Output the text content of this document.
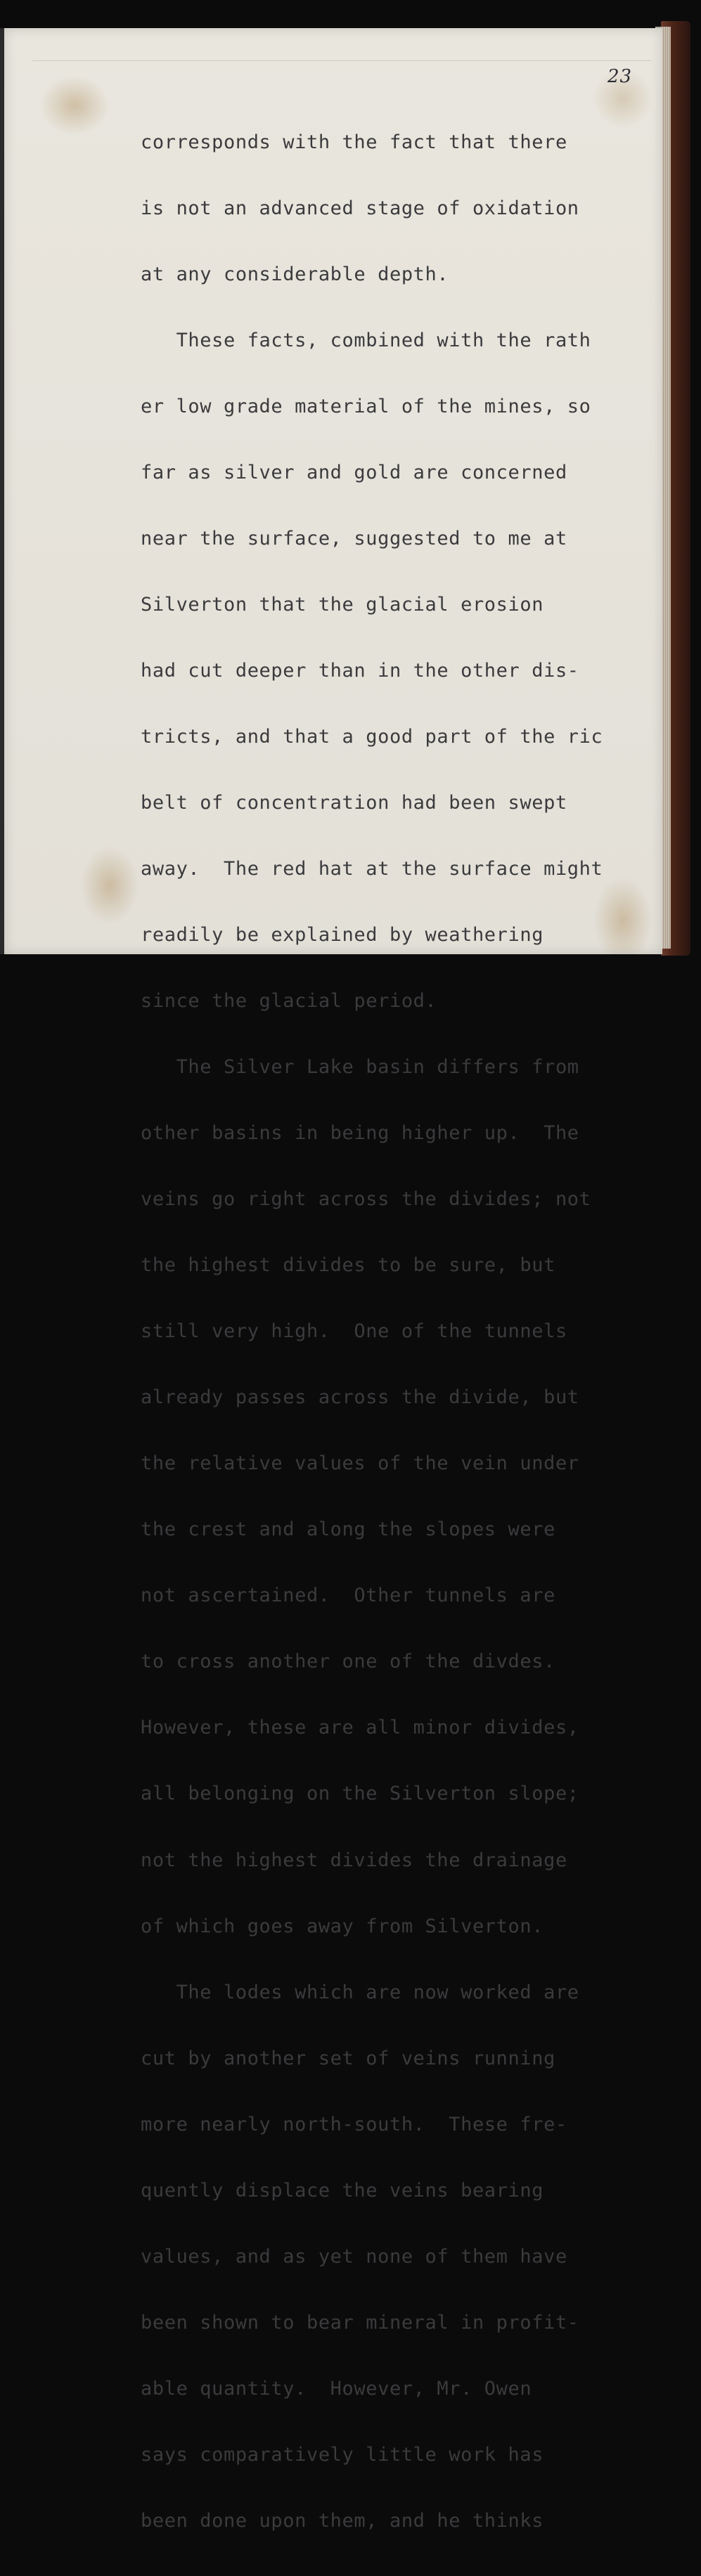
23

corresponds with the fact that there

is not an advanced stage of oxidation

at any considerable depth.

These facts, combined with the rath

er low grade material of the mines, so

far as silver and gold are concerned

near the surface, suggested to me at

Silverton that the glacial erosion

had cut deeper than in the other dis-

tricts, and that a good part of the ric

belt of concentration had been swept

away.  The red hat at the surface might

readily be explained by weathering

since the glacial period.

The Silver Lake basin differs from

other basins in being higher up.  The

veins go right across the divides; not

the highest divides to be sure, but

still very high.  One of the tunnels

already passes across the divide, but

the relative values of the vein under

the crest and along the slopes were

not ascertained.  Other tunnels are

to cross another one of the divdes.

However, these are all minor divides,

all belonging on the Silverton slope;

not the highest divides the drainage

of which goes away from Silverton.

The lodes which are now worked are

cut by another set of veins running

more nearly north-south.  These fre-

quently displace the veins bearing

values, and as yet none of them have

been shown to bear mineral in profit-

able quantity.  However, Mr. Owen

says comparatively little work has

been done upon them, and he thinks
